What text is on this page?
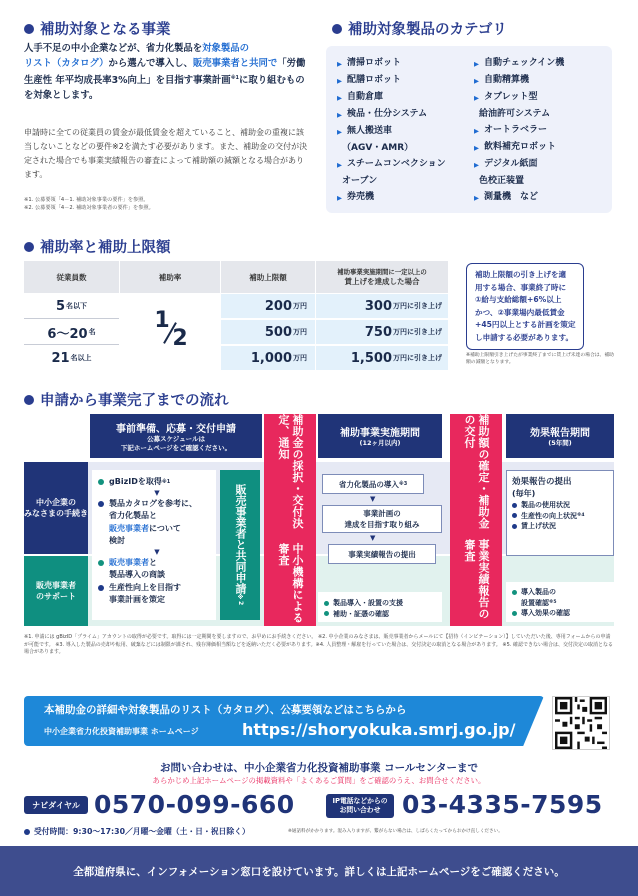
補助対象となる事業
人手不足の中小企業などが、省力化製品を対象製品の
リスト（カタログ）から選んで導入し、販売事業者と共同で「労働生産性 年平均成長率3%向上」を目指す事業計画$^{※1}$に取り組むものを対象とします。
申請時に全ての従業員の賃金が最低賃金を超えていること、補助金の重複に該当しないことなどの要件※2を満たす必要があります。また、補助金の交付が決定された場合でも事業実績報告の審査によって補助額の減額となる場合があります。
※1. 公募要領「4－1. 補助対象事業の要件」を参照。
※2. 公募要領「4－2. 補助対象事業者の要件」を参照。
補助対象製品のカテゴリ
▶ 清掃ロボット
▶ 配膳ロボット
▶ 自動倉庫
▶ 検品・仕分システム
▶ 無人搬送車
（AGV・AMR）
▶ スチームコンベクション
オーブン
▶ 券売機
▶ 自動チェックイン機
▶ 自動精算機
▶ タブレット型
給油許可システム
▶ オートラベラー
▶ 飲料補充ロボット
▶ デジタル紙面
色校正装置
▶ 測量機　など
補助率と補助上限額
従業員数	補助率	補助上限額
補助事業実施期間に一定以上の
賃上げを達成した場合
1
2
5 名以下	200 万円	300 万円に引き上げ
6〜20 名	500 万円	750 万円に引き上げ
21 名以上	1,000 万円	1,500 万円に引き上げ
補助上限額の引き上げを適
用する場合、事業終了時に
①給与支給総額+6%以上
かつ、②事業場内最低賃金
+45円以上とする計画を策定
し申請する必要があります。
※補助上限額引き上げたが事業終了までに賃上げ未達の場合は、補助額の減額となります。
申請から事業完了までの流れ
中小企業の
みなさまの手続き
販売事業者
のサポート
事前準備、応募・交付申請
公募スケジュールは
下記ホームページをご確認ください。
補助事業実施期間
(12ヶ月以内)
効果報告期間
(5年間)
gBizIDを取得 ※1
▼
製品カタログを参考に、
省力化製品と
販売事業者 について
検討
▼
販売事業者 と
製品導入の商談
生産性向上を目指す
事業計画を策定
販売事業者と共同申請
※2
補助金の採択・交付決定、通知
中小機構による審査
省力化製品の導入 ※3
▼
事業計画の
達成を目指す取り組み
▼
事業実績報告の提出
製品導入・設置の支援
補助・証憑の確認
補助額の確定・補助金の交付
事業実績報告の審査
効果報告の提出
(毎年)
製品の使用状況
生産性の向上状況 ※4
賃上げ状況
導入製品の
設置確認 ※5
導入効果の確認
※1. 申請には gBizID「プライム」アカウントの取得が必要です。取得には一定期間を要しますので、お早めにお手続きください。 ※2. 中小企業のみなさまは、販売事業者からメールにて【招待（インビテーション）】していただいた後、専用フォームからの申請が可能です。 ※3. 導入した製品の売却や転用、破棄などには制限が課され、残存簿価相当額などを返納いただく必要があります。※4. 人員整理・解雇を行っていた場合は、交付決定の取消となる場合があります。 ※5. 確認できない場合は、交付決定の取消となる場合があります。
本補助金の詳細や対象製品のリスト（カタログ）、公募要領などはこちらから
中小企業省力化投資補助事業 ホームページ	https://shoryokuka.smrj.go.jp/
お問い合わせは、中小企業省力化投資補助事業 コールセンターまで
あらかじめ上記ホームページの掲載資料や「よくあるご質問」をご確認のうえ、お問合せください。
ナビダイヤル 0570-099-660	IP電話などからの
お問い合わせ 03-4335-7595
受付時間：9:30〜17:30／月曜〜金曜（土・日・祝日除く）	※通話料がかかります。混み入りますが、繋がらない場合は、しばらくたってからおかけ直しください。
全都道府県に、インフォメーション窓口を設けています。詳しくは上記ホームページをご確認ください。
